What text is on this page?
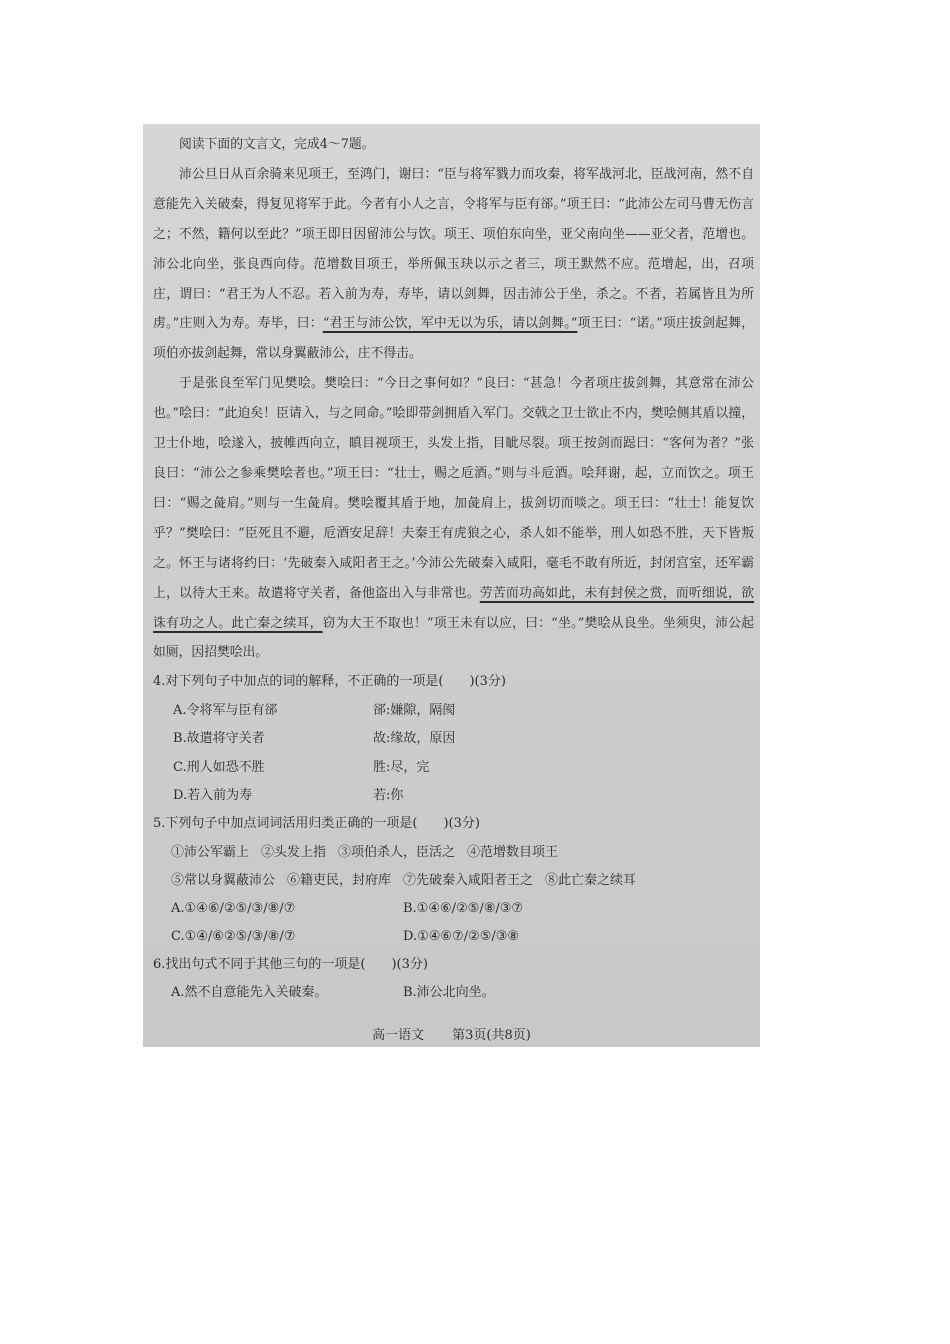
阅读下面的文言文，完成4～7题。

沛公旦日从百余骑来见项王，至鸿门，谢曰：“臣与将军戮力而攻秦，将军战河北，臣战河南，然不自意能先入关破秦，得复见将军于此。今者有小人之言，令将军与臣有郤。”项王曰：“此沛公左司马曹无伤言之；不然，籍何以至此？”项王即日因留沛公与饮。项王、项伯东向坐，亚父南向坐——亚父者，范增也。沛公北向坐，张良西向侍。范增数目项王，举所佩玉玦以示之者三，项王默然不应。范增起，出，召项庄，谓曰：“君王为人不忍。若入前为寿，寿毕，请以剑舞，因击沛公于坐，杀之。不者，若属皆且为所虏。”庄则入为寿。寿毕，曰：“君王与沛公饮，军中无以为乐，请以剑舞。”项王曰：“诺。”项庄拔剑起舞，项伯亦拔剑起舞，常以身翼蔽沛公，庄不得击。

于是张良至军门见樊哙。樊哙曰：“今日之事何如？”良曰：“甚急！今者项庄拔剑舞，其意常在沛公也。”哙曰：“此迫矣！臣请入，与之同命。”哙即带剑拥盾入军门。交戟之卫士欲止不内，樊哙侧其盾以撞，卫士仆地，哙遂入，披帷西向立，瞋目视项王，头发上指，目眦尽裂。项王按剑而跽曰：“客何为者？”张良曰：“沛公之参乘樊哙者也。”项王曰：“壮士，赐之卮酒。”则与斗卮酒。哙拜谢，起，立而饮之。项王曰：“赐之彘肩。”则与一生彘肩。樊哙覆其盾于地，加彘肩上，拔剑切而啖之。项王曰：“壮士！能复饮乎？”樊哙曰：“臣死且不避，卮酒安足辞！夫秦王有虎狼之心，杀人如不能举，刑人如恐不胜，天下皆叛之。怀王与诸将约曰：‘先破秦入咸阳者王之。’今沛公先破秦入咸阳，毫毛不敢有所近，封闭宫室，还军霸上，以待大王来。故遣将守关者，备他盗出入与非常也。劳苦而功高如此，未有封侯之赏，而听细说，欲诛有功之人。此亡秦之续耳，窃为大王不取也！”项王未有以应，曰：“坐。”樊哙从良坐。坐须臾，沛公起如厕，因招樊哙出。

4.对下列句子中加点的词的解释，不正确的一项是(　　)(3分)

A.令将军与臣有郤	郤:嫌隙，隔阂
B.故遣将守关者	故:缘故，原因
C.刑人如恐不胜	胜:尽，完
D.若入前为寿	若:你

5.下列句子中加点词词活用归类正确的一项是(　　)(3分)

①沛公军霸上 ②头发上指 ③项伯杀人，臣活之 ④范增数目项王

⑤常以身翼蔽沛公 ⑥籍吏民，封府库 ⑦先破秦入咸阳者王之 ⑧此亡秦之续耳

A.①④⑥/②⑤/③/⑧/⑦	B.①④⑥/②⑤/⑧/③⑦
C.①④/⑥②⑤/③/⑧/⑦	D.①④⑥⑦/②⑤/③⑧

6.找出句式不同于其他三句的一项是(　　)(3分)

A.然不自意能先入关破秦。	B.沛公北向坐。
高一语文 第3页(共8页)
